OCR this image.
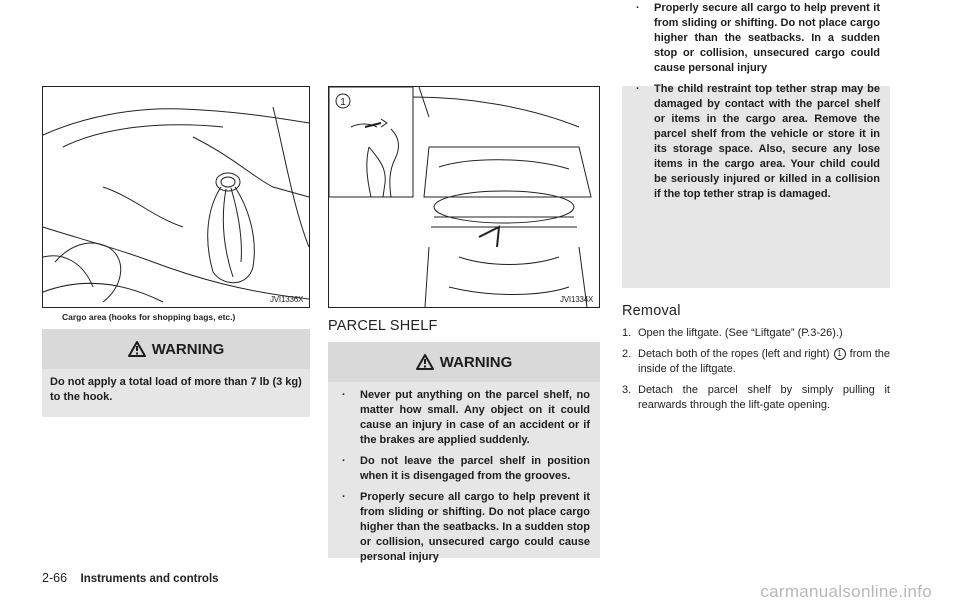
JVI1336X
Cargo area (hooks for shopping bags, etc.)
WARNING
Do not apply a total load of more than 7 lb (3 kg) to the hook.
1
JVI1334X
PARCEL SHELF
WARNING
. Never put anything on the parcel shelf, no matter how small. Any object on it could cause an injury in case of an accident or if the brakes are applied suddenly.
. Do not leave the parcel shelf in position when it is disengaged from the grooves.
. Properly secure all cargo to help prevent it from sliding or shifting. Do not place cargo higher than the seatbacks. In a sudden stop or collision, unsecured cargo could cause personal injury
. Properly secure all cargo to help prevent it from sliding or shifting. Do not place cargo higher than the seatbacks. In a sudden stop or collision, unsecured cargo could cause personal injury
. The child restraint top tether strap may be damaged by contact with the parcel shelf or items in the cargo area. Remove the parcel shelf from the vehicle or store it in its storage space. Also, secure any lose items in the cargo area. Your child could be seriously injured or killed in a collision if the top tether strap is damaged.
Removal
1. Open the liftgate. (See “Liftgate” (P.3-26).)
2. Detach both of the ropes (left and right) 1 from the inside of the liftgate.
3. Detach the parcel shelf by simply pulling it rearwards through the lift-gate opening.
2-66 Instruments and controls
carmanualsonline.info
